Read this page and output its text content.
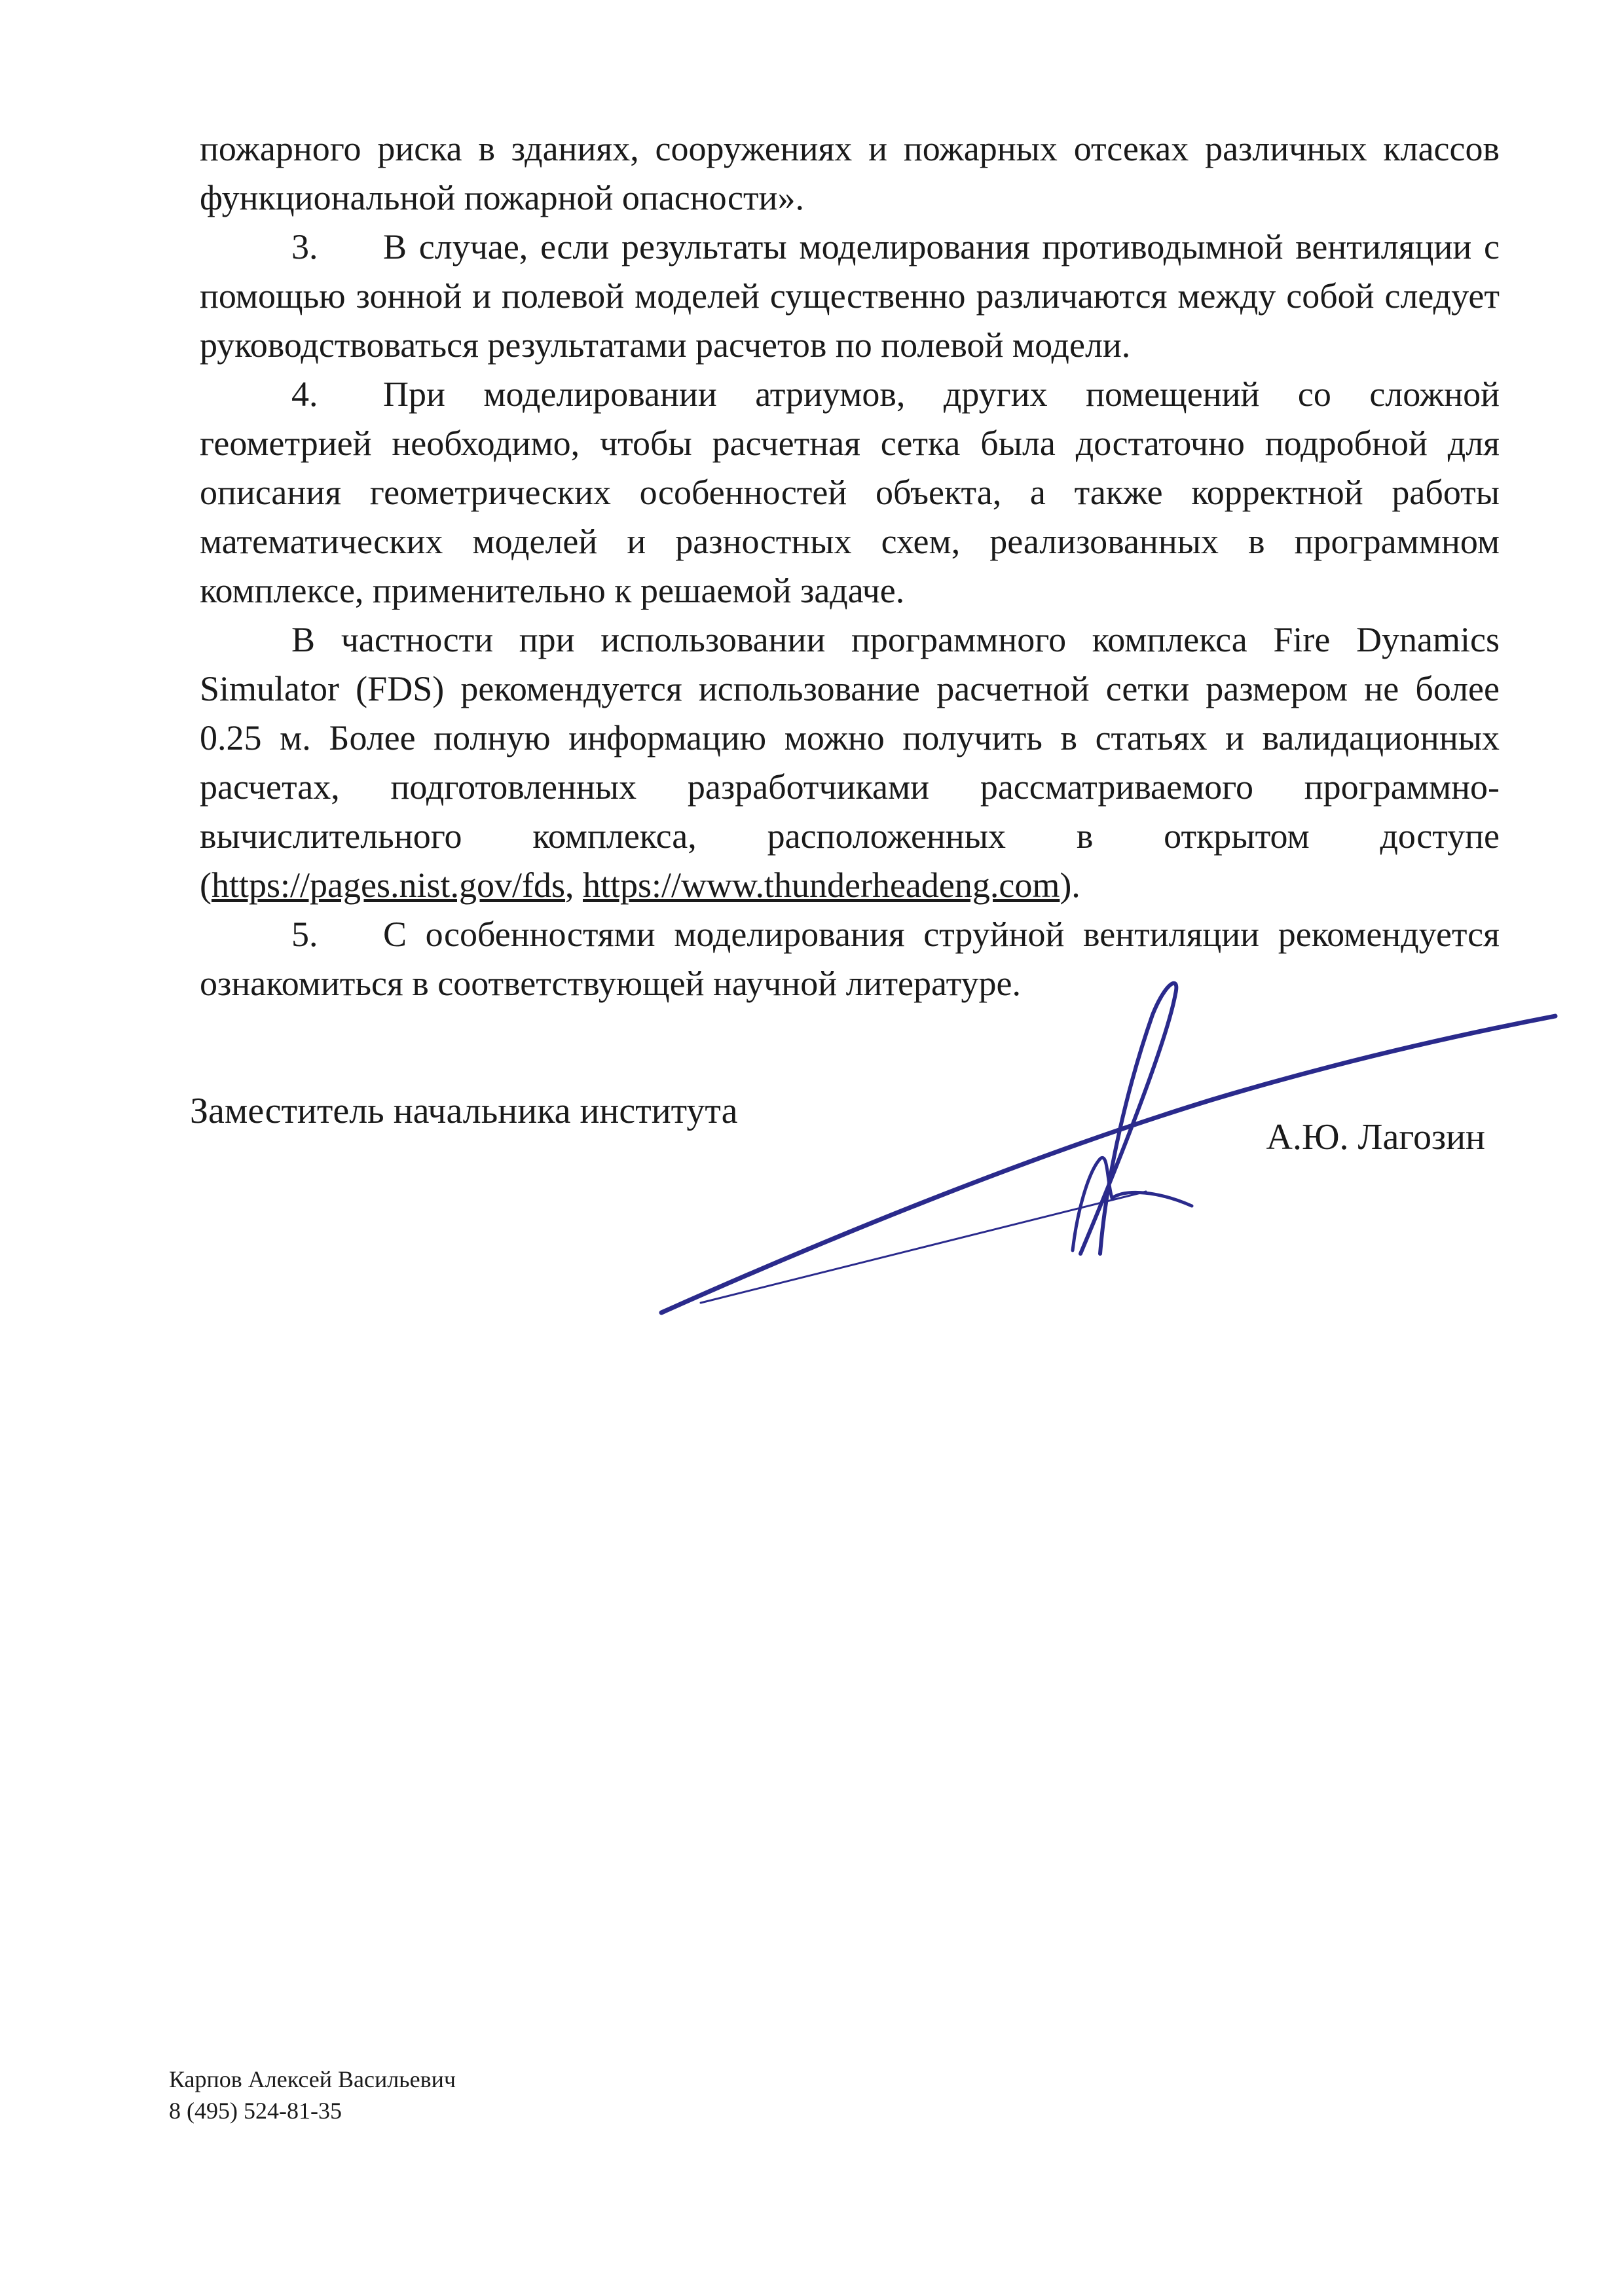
пожарного риска в зданиях, сооружениях и пожарных отсеках различных классов функциональной пожарной опасности».

3. В случае, если результаты моделирования противодымной вентиляции с помощью зонной и полевой моделей существенно различаются между собой следует руководствоваться результатами расчетов по полевой модели.

4. При моделировании атриумов, других помещений со сложной геометрией необходимо, чтобы расчетная сетка была достаточно подробной для описания геометрических особенностей объекта, а также корректной работы математических моделей и разностных схем, реализованных в программном комплексе, применительно к решаемой задаче.

В частности при использовании программного комплекса Fire Dynamics Simulator (FDS) рекомендуется использование расчетной сетки размером не более 0.25 м. Более полную информацию можно получить в статьях и валидационных расчетах, подготовленных разработчиками рассматриваемого программно-вычислительного комплекса, расположенных в открытом доступе (https://pages.nist.gov/fds, https://www.thunderheadeng.com).

5. С особенностями моделирования струйной вентиляции рекомендуется ознакомиться в соответствующей научной литературе.

Заместитель начальника института
А.Ю. Лагозин
Карпов Алексей Васильевич
8 (495) 524-81-35
